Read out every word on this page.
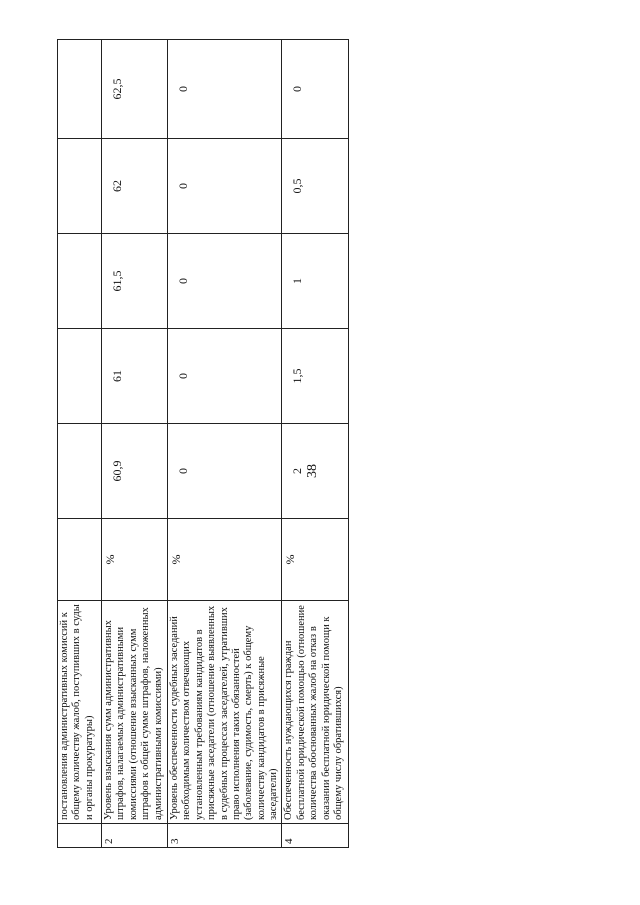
38
	постановления административных комиссий к общему количеству жалоб, поступивших в суды и органы прокуратуры)						
2	Уровень взыскания сумм административных штрафов, налагаемых административными комиссиями (отношение взысканных сумм штрафов к общей сумме штрафов, наложенных административными комиссиями)	%	60,9	61	61,5	62	62,5
3	Уровень обеспеченности судебных заседаний необходимым количеством отвечающих установленным требованиям кандидатов в присяжные заседатели (отношение выявленных в судебных процессах заседателей, утративших право исполнения таких обязанностей (заболевание, судимость, смерть) к общему количеству кандидатов в присяжные заседатели)	%	0	0	0	0	0
4	Обеспеченность нуждающихся граждан бесплатной юридической помощью (отношение количества обоснованных жалоб на отказ в оказании бесплатной юридической помощи к общему числу обратившихся)	%	2	1,5	1	0,5	0
